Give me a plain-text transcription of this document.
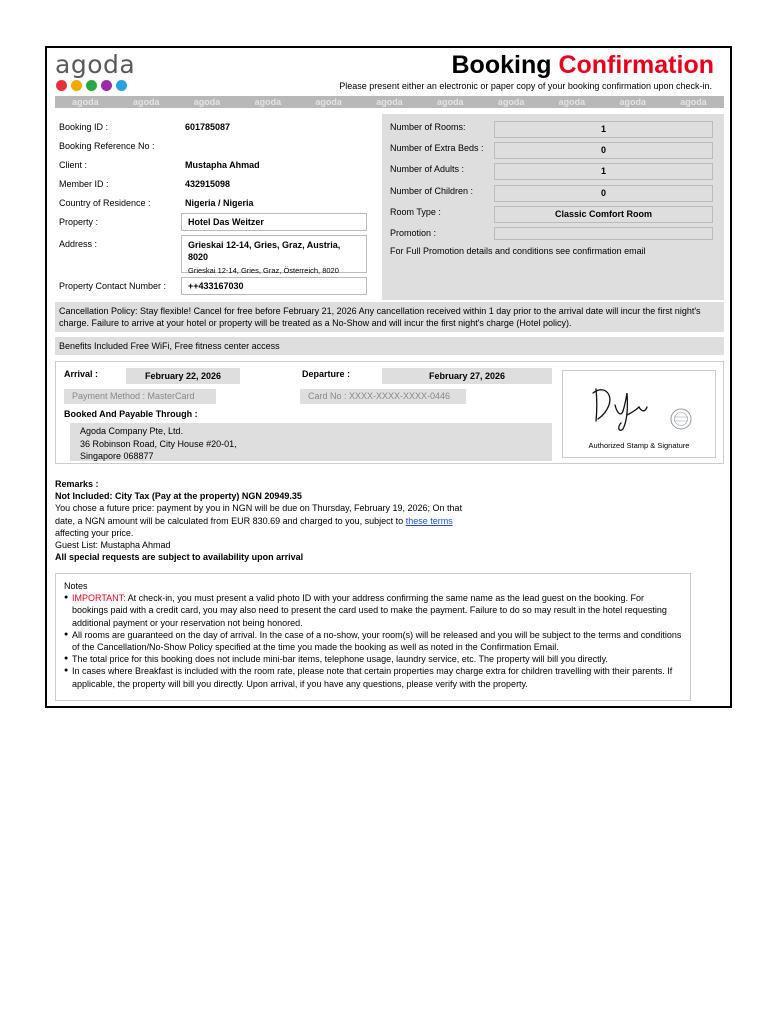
agoda	Booking Confirmation
Please present either an electronic or paper copy of your booking confirmation upon check-in.
agoda	agoda	agoda	agoda	agoda	agoda	agoda	agoda	agoda	agoda	agoda
Booking ID :	601785087
Booking Reference No :
Client :	Mustapha Ahmad
Member ID :	432915098
Country of Residence :	Nigeria / Nigeria
Property :	Hotel Das Weitzer
Address :	Grieskai 12-14, Gries, Graz, Austria, 8020
Grieskai 12-14, Gries, Graz, Österreich, 8020
Property Contact Number :	++433167030
Number of Rooms:	1
Number of Extra Beds :	0
Number of Adults :	1
Number of Children :	0
Room Type :	Classic Comfort Room
Promotion :
For Full Promotion details and conditions see confirmation email
Cancellation Policy: Stay flexible! Cancel for free before February 21, 2026 Any cancellation received within 1 day prior to the arrival date will incur the first night's charge. Failure to arrive at your hotel or property will be treated as a No-Show and will incur the first night's charge (Hotel policy).
Benefits Included Free WiFi, Free fitness center access
Arrival :	February 22, 2026	Departure :	February 27, 2026
Payment Method : MasterCard	Card No : XXXX-XXXX-XXXX-0446
Booked And Payable Through :
Agoda Company Pte, Ltd.
36 Robinson Road, City House #20-01,
Singapore 068877
Authorized Stamp & Signature
Remarks :
Not Included: City Tax (Pay at the property) NGN 20949.35
You chose a future price: payment by you in NGN will be due on Thursday, February 19, 2026; On that
date, a NGN amount will be calculated from EUR 830.69 and charged to you, subject to these terms
affecting your price.
Guest List: Mustapha Ahmad
All special requests are subject to availability upon arrival
Notes
● IMPORTANT: At check-in, you must present a valid photo ID with your address confirming the same name as the lead guest on the booking. For bookings paid with a credit card, you may also need to present the card used to make the payment. Failure to do so may result in the hotel requesting additional payment or your reservation not being honored.
● All rooms are guaranteed on the day of arrival. In the case of a no-show, your room(s) will be released and you will be subject to the terms and conditions of the Cancellation/No-Show Policy specified at the time you made the booking as well as noted in the Confirmation Email.
● The total price for this booking does not include mini-bar items, telephone usage, laundry service, etc. The property will bill you directly.
● In cases where Breakfast is included with the room rate, please note that certain properties may charge extra for children travelling with their parents. If applicable, the property will bill you directly. Upon arrival, if you have any questions, please verify with the property.
